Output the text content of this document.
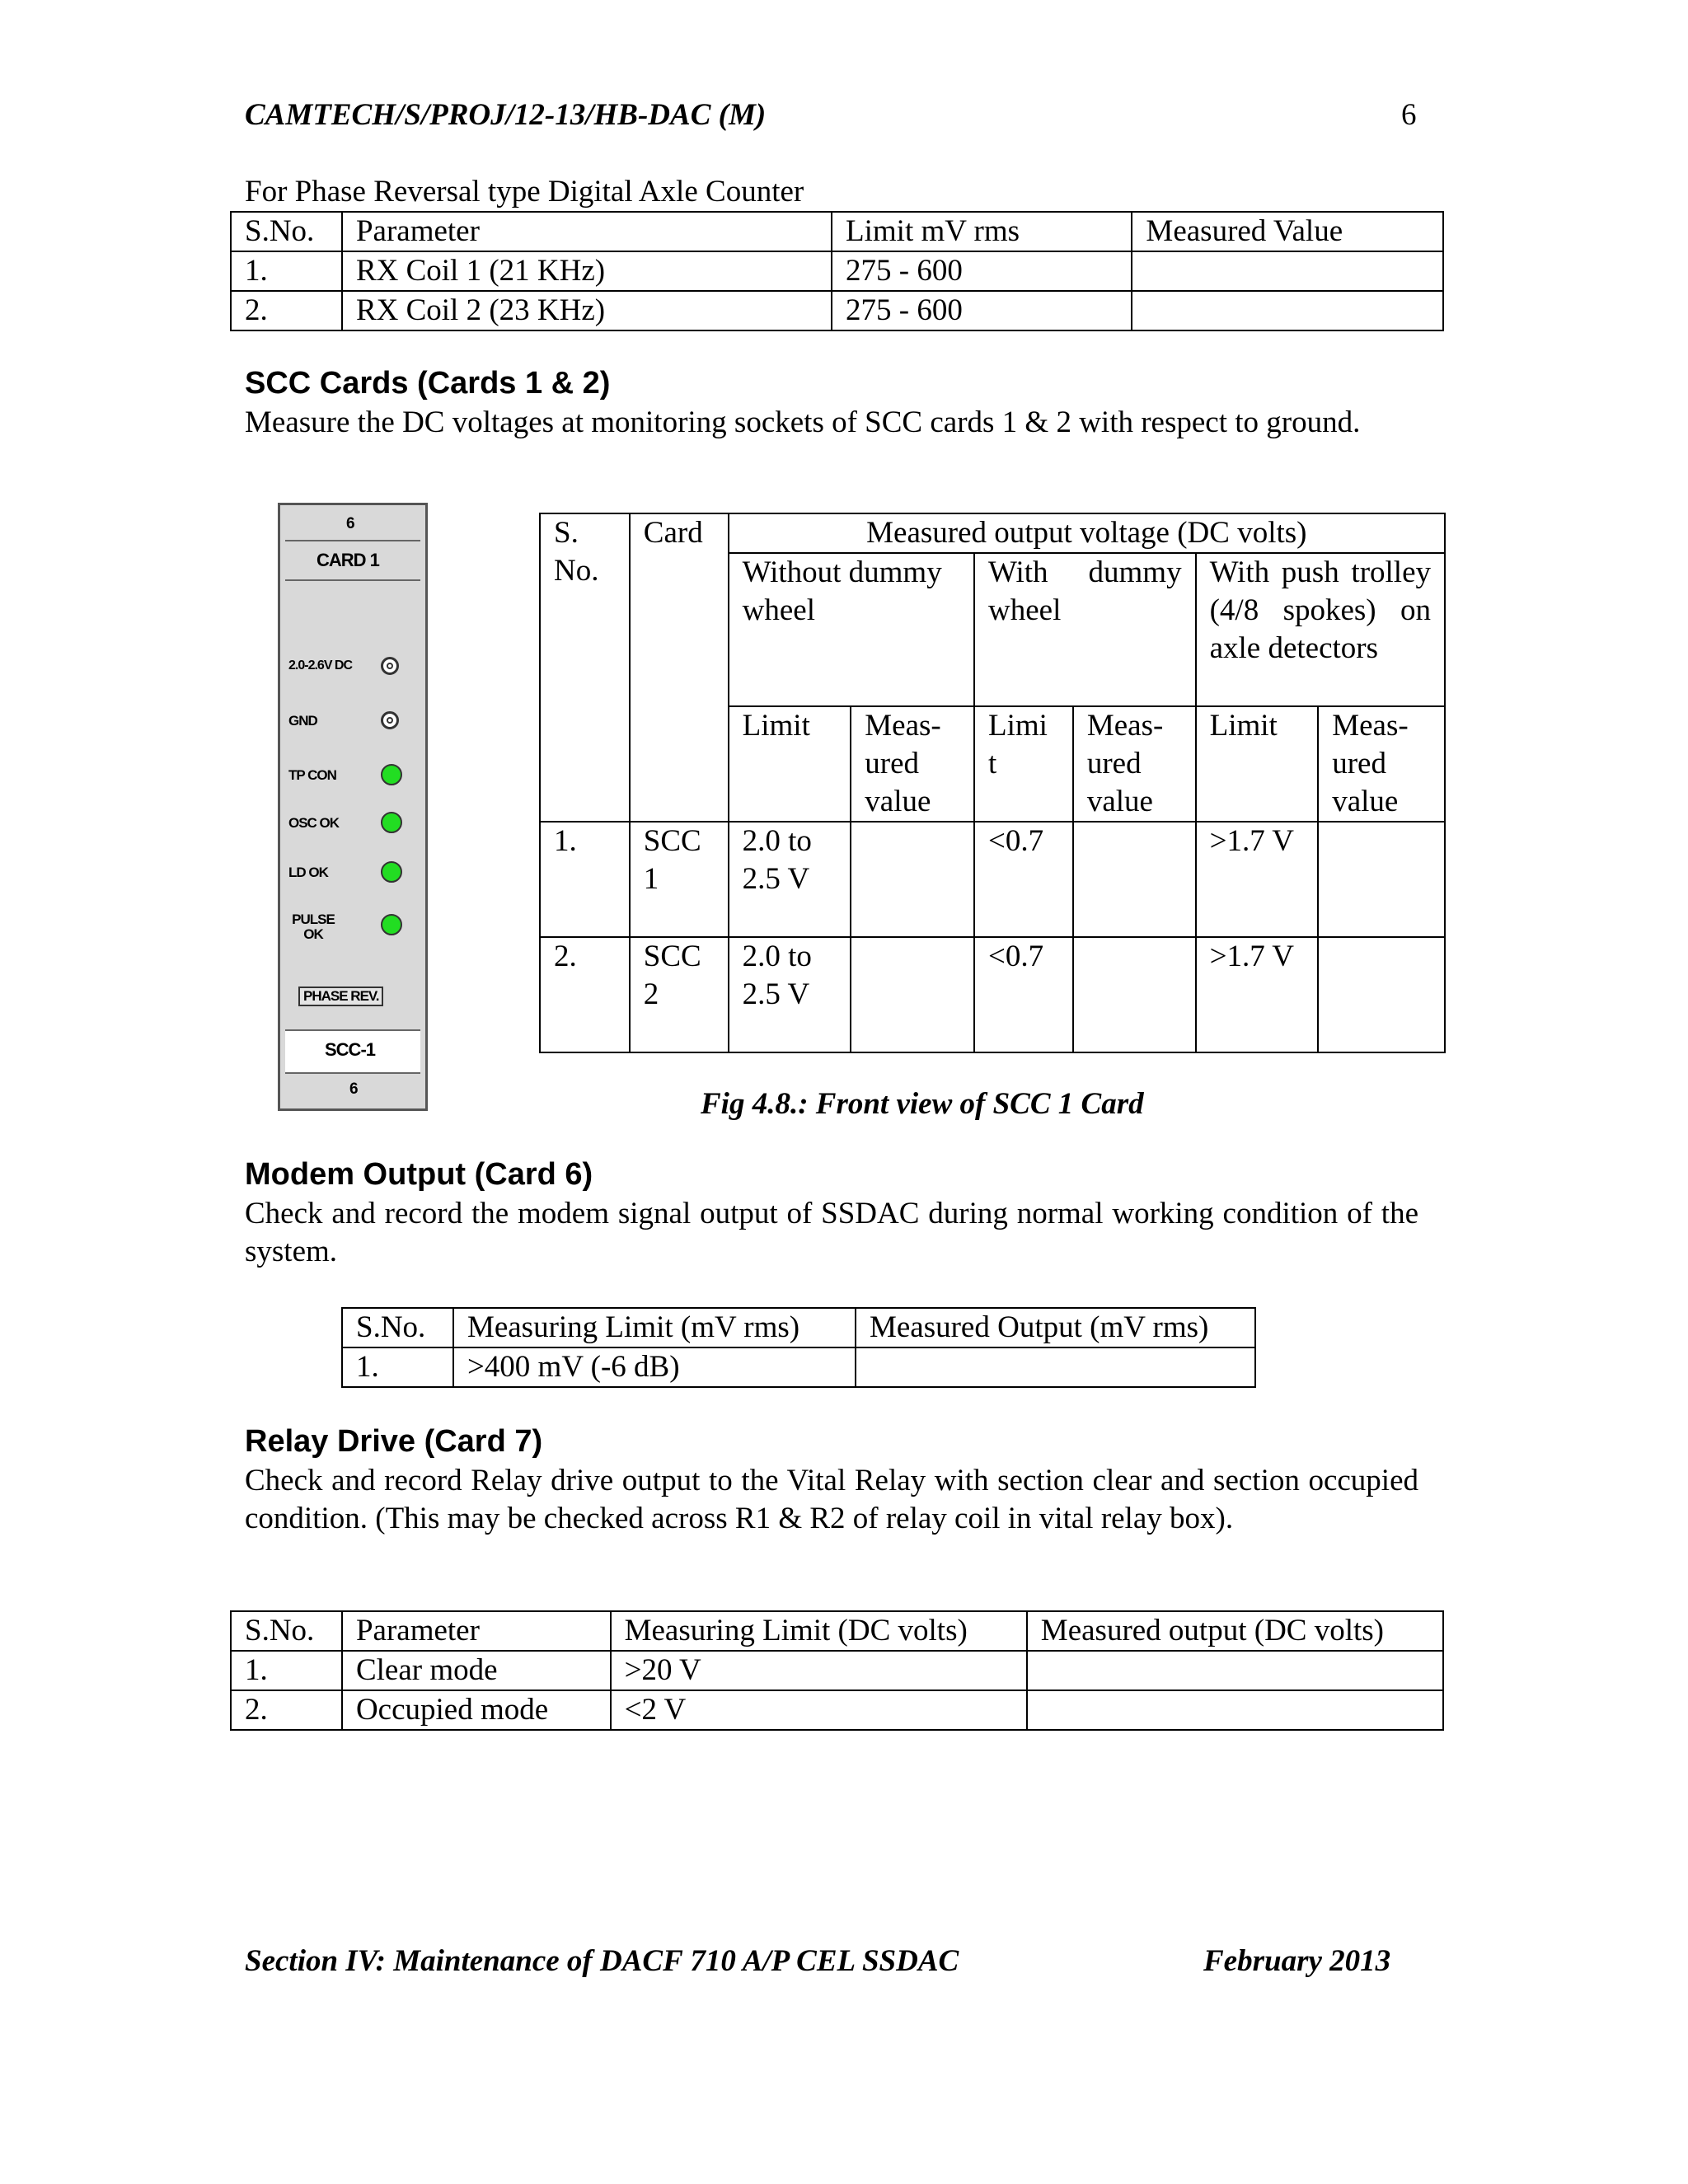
CAMTECH/S/PROJ/12-13/HB-DAC (M)	6
For Phase Reversal type Digital Axle Counter
S.No.	Parameter	Limit mV rms	Measured Value
1.	RX Coil 1 (21 KHz)	275 - 600	
2.	RX Coil 2 (23 KHz)	275 - 600	
SCC Cards (Cards 1 & 2)
Measure the DC voltages at monitoring sockets of SCC cards 1 & 2 with respect to ground.
6
CARD 1
2.0-2.6V DC
GND
TP CON
OSC OK
LD OK
PULSE OK
PHASE REV.
SCC-1
6
S. No.	Card	Measured output voltage (DC volts)					
		Without dummy wheel		With dummy wheel		With push trolley (4/8 spokes) on axle detectors	
		Limit	Meas- ured value	Limi t	Meas- ured value	Limit	Meas- ured value
1.	SCC 1	2.0 to 2.5 V		<0.7		>1.7 V	
2.	SCC 2	2.0 to 2.5 V		<0.7		>1.7 V	
Fig 4.8.: Front view of SCC 1 Card
Modem Output (Card 6)
Check and record the modem signal output of SSDAC during normal working condition of the system.
S.No.	Measuring Limit (mV rms)	Measured Output (mV rms)
1.	>400 mV (-6 dB)	
Relay Drive (Card 7)
Check and record Relay drive output to the Vital Relay with section clear and section occupied condition. (This may be checked across R1 & R2 of relay coil in vital relay box).
S.No.	Parameter	Measuring Limit (DC volts)	Measured output (DC volts)
1.	Clear mode	>20 V	
2.	Occupied mode	<2 V	
Section IV: Maintenance of DACF 710 A/P CEL SSDAC	February 2013
